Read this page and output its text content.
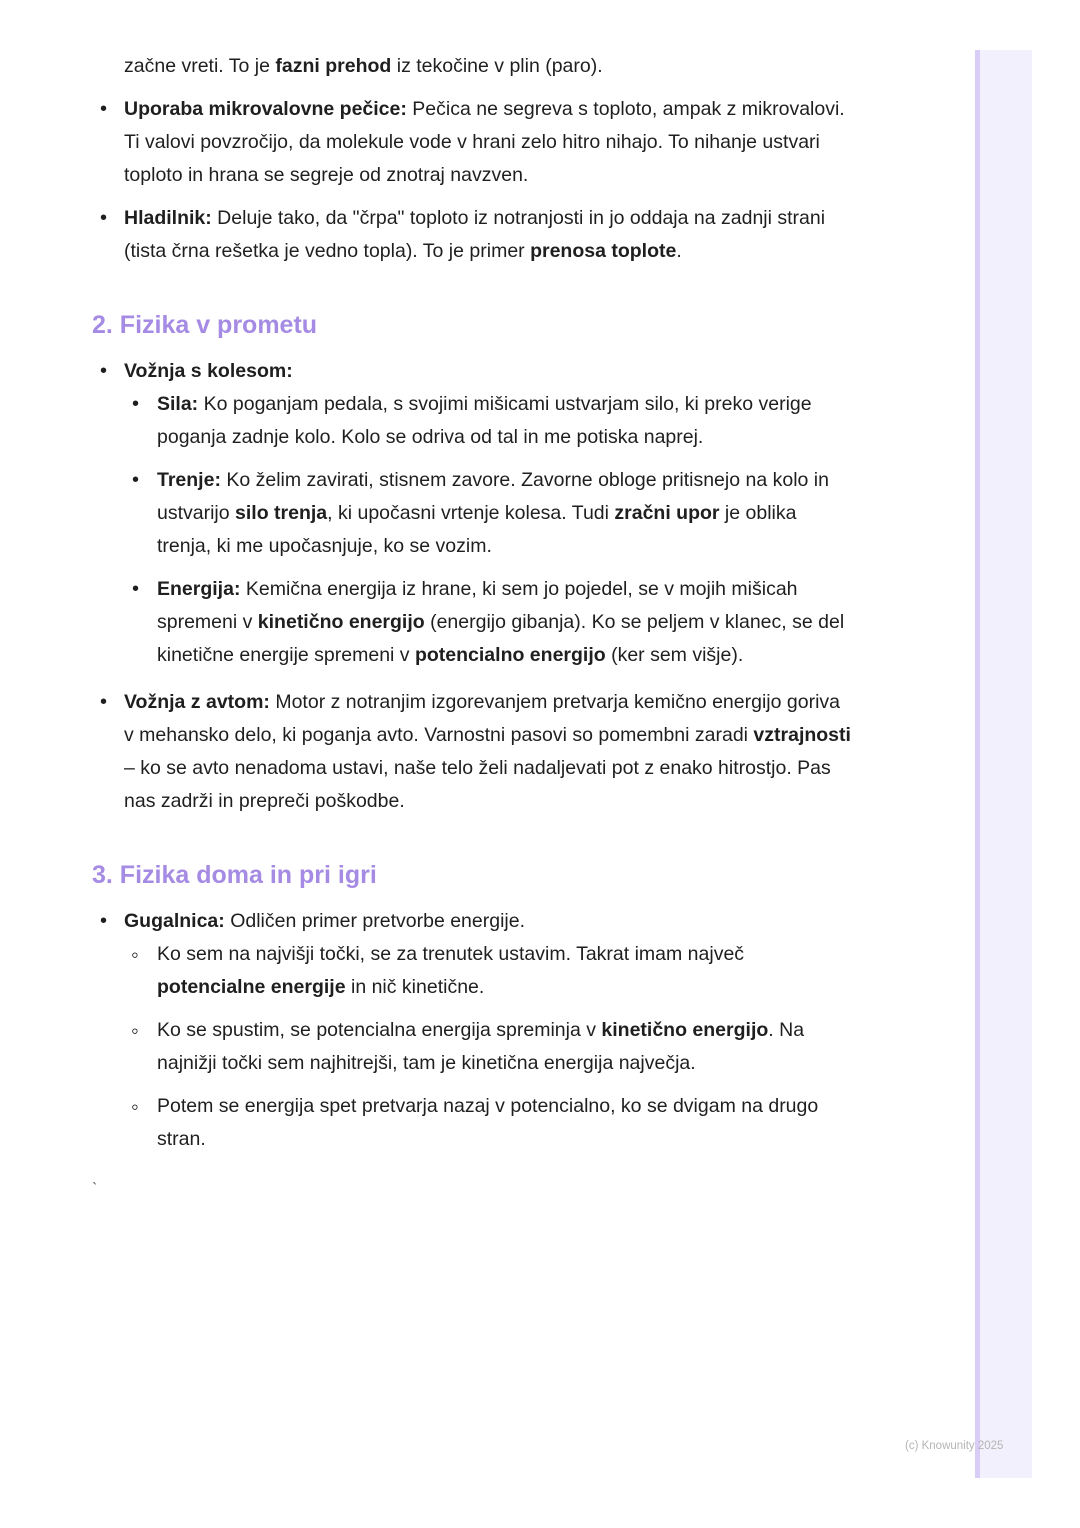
začne vreti. To je fazni prehod iz tekočine v plin (paro).

• Uporaba mikrovalovne pečice: Pečica ne segreva s toploto, ampak z mikrovalovi. Ti valovi povzročijo, da molekule vode v hrani zelo hitro nihajo. To nihanje ustvari toploto in hrana se segreje od znotraj navzven.
• Hladilnik: Deluje tako, da "črpa" toploto iz notranjosti in jo oddaja na zadnji strani (tista črna rešetka je vedno topla). To je primer prenosa toplote.
2. Fizika v prometu
• Vožnja s kolesom:
• Sila: Ko poganjam pedala, s svojimi mišicami ustvarjam silo, ki preko verige poganja zadnje kolo. Kolo se odriva od tal in me potiska naprej.
• Trenje: Ko želim zavirati, stisnem zavore. Zavorne obloge pritisnejo na kolo in ustvarijo silo trenja, ki upočasni vrtenje kolesa. Tudi zračni upor je oblika trenja, ki me upočasnjuje, ko se vozim.
• Energija: Kemična energija iz hrane, ki sem jo pojedel, se v mojih mišicah spremeni v kinetično energijo (energijo gibanja). Ko se peljem v klanec, se del kinetične energije spremeni v potencialno energijo (ker sem višje).
• Vožnja z avtom: Motor z notranjim izgorevanjem pretvarja kemično energijo goriva v mehansko delo, ki poganja avto. Varnostni pasovi so pomembni zaradi vztrajnosti – ko se avto nenadoma ustavi, naše telo želi nadaljevati pot z enako hitrostjo. Pas nas zadrži in prepreči poškodbe.
3. Fizika doma in pri igri
• Gugalnica: Odličen primer pretvorbe energije.
◦ Ko sem na najvišji točki, se za trenutek ustavim. Takrat imam največ potencialne energije in nič kinetične.
◦ Ko se spustim, se potencialna energija spreminja v kinetično energijo. Na najnižji točki sem najhitrejši, tam je kinetična energija največja.
◦ Potem se energija spet pretvarja nazaj v potencialno, ko se dvigam na drugo stran.

`

(c) Knowunity 2025
